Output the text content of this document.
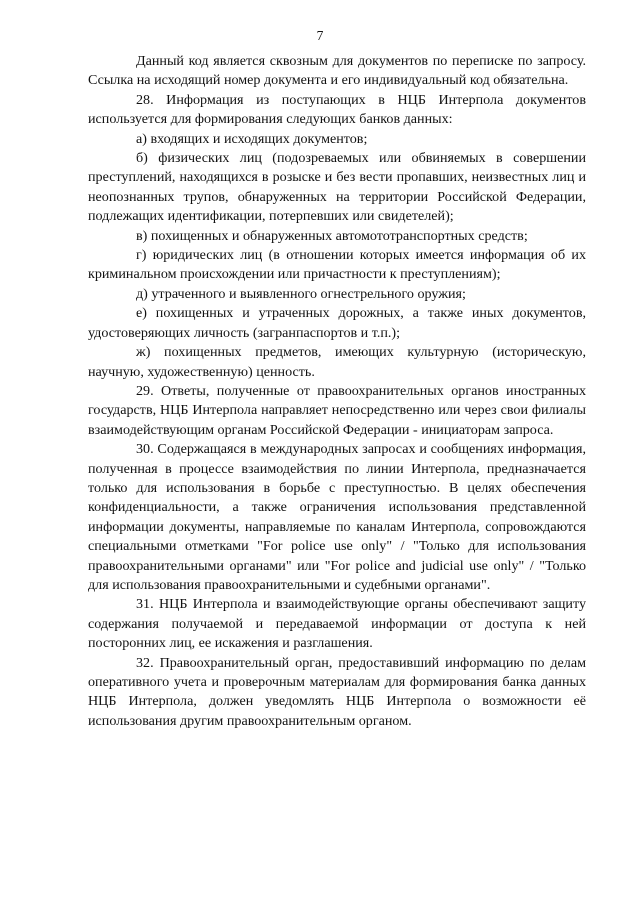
7

Данный код является сквозным для документов по переписке по запросу. Ссылка на исходящий номер документа и его индивидуальный код обязательна.

28. Информация из поступающих в НЦБ Интерпола документов используется для формирования следующих банков данных:

а) входящих и исходящих документов;

б) физических лиц (подозреваемых или обвиняемых в совершении преступлений, находящихся в розыске и без вести пропавших, неизвестных лиц и неопознанных трупов, обнаруженных на территории Российской Федерации, подлежащих идентификации, потерпевших или свидетелей);

в) похищенных и обнаруженных автомототранспортных средств;

г) юридических лиц (в отношении которых имеется информация об их криминальном происхождении или причастности к преступлениям);

д) утраченного и выявленного огнестрельного оружия;

е) похищенных и утраченных дорожных, а также иных документов, удостоверяющих личность (загранпаспортов и т.п.);

ж) похищенных предметов, имеющих культурную (историческую, научную, художественную) ценность.

29. Ответы, полученные от правоохранительных органов иностранных государств, НЦБ Интерпола направляет непосредственно или через свои филиалы взаимодействующим органам Российской Федерации - инициаторам запроса.

30. Содержащаяся в международных запросах и сообщениях информация, полученная в процессе взаимодействия по линии Интерпола, предназначается только для использования в борьбе с преступностью. В целях обеспечения конфиденциальности, а также ограничения использования представленной информации документы, направляемые по каналам Интерпола, сопровождаются специальными отметками "For police use only" / "Только для использования правоохранительными органами" или "For police and judicial use only" / "Только для использования правоохранительными и судебными органами".

31. НЦБ Интерпола и взаимодействующие органы обеспечивают защиту содержания получаемой и передаваемой информации от доступа к ней посторонних лиц, ее искажения и разглашения.

32. Правоохранительный орган, предоставивший информацию по делам оперативного учета и проверочным материалам для формирования банка данных НЦБ Интерпола, должен уведомлять НЦБ Интерпола о возможности её использования другим правоохранительным органом.
